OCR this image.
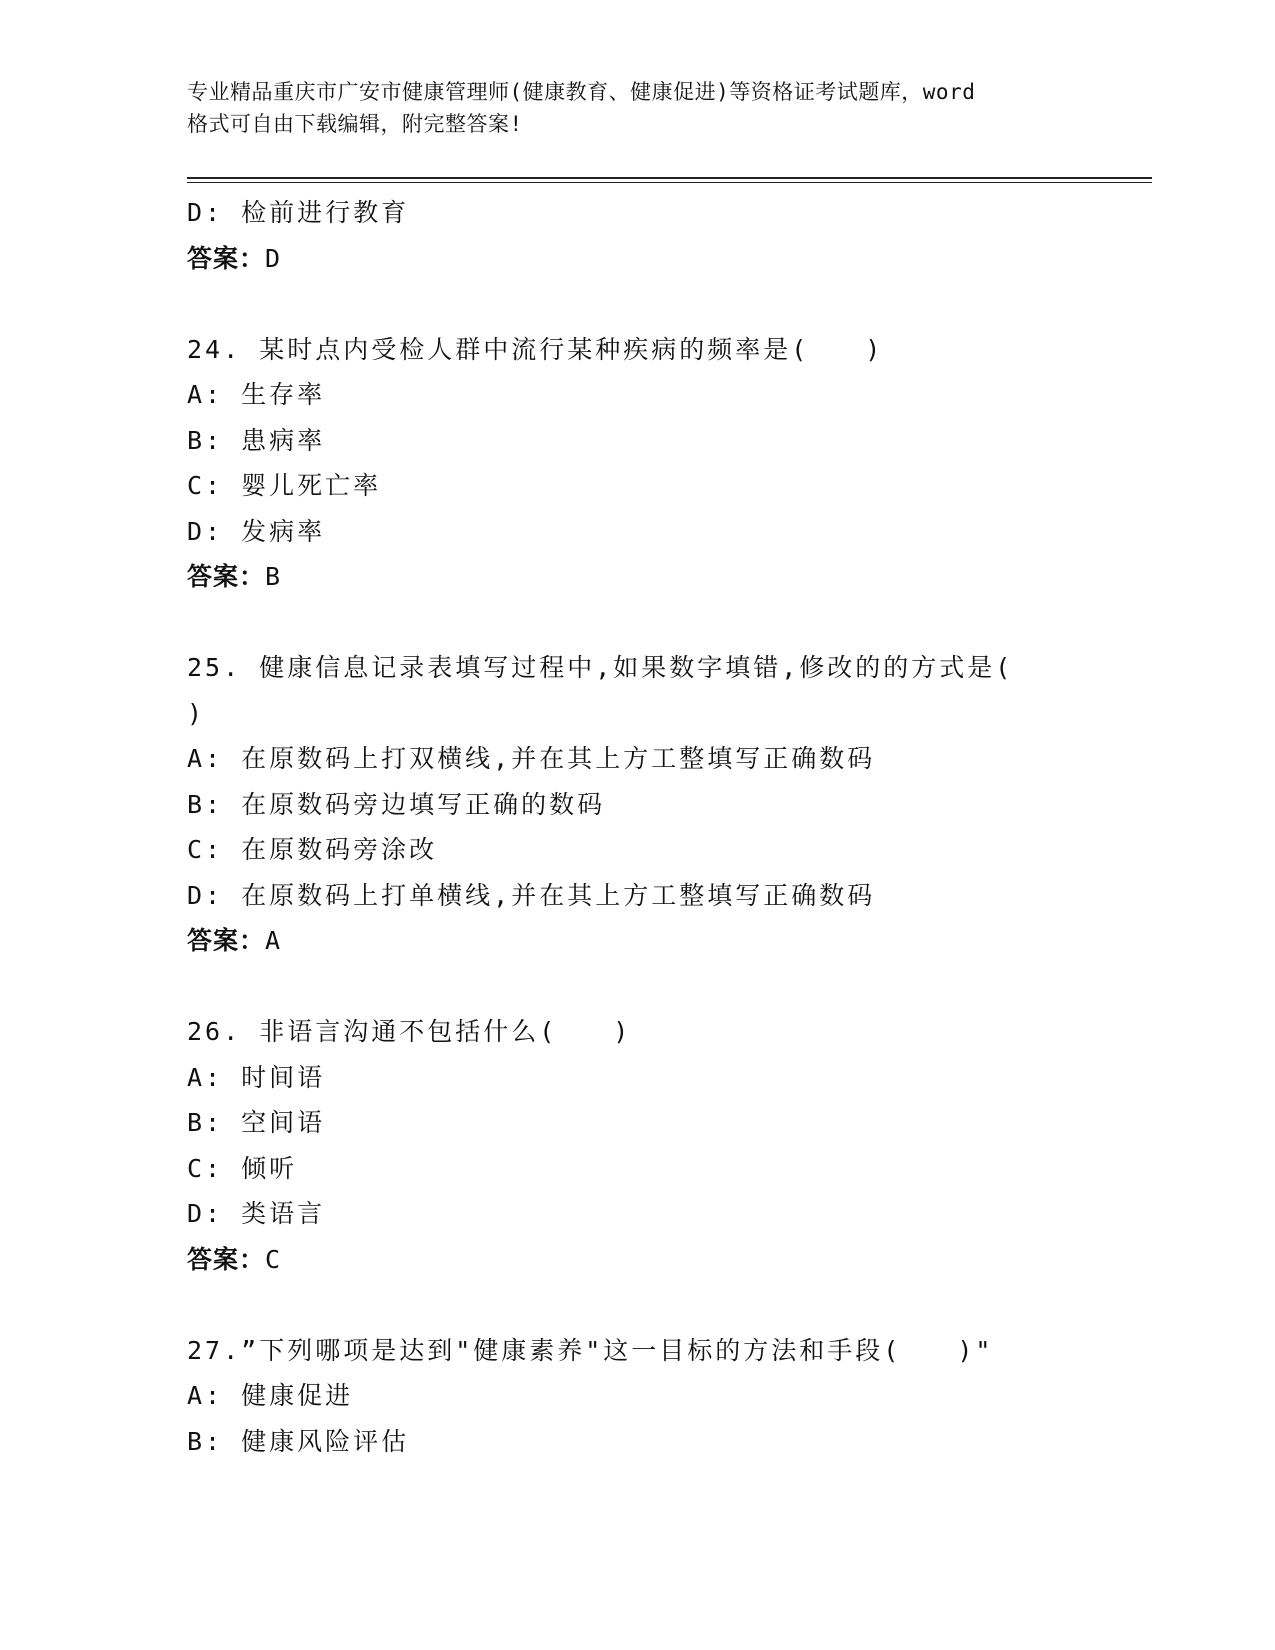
专业精品重庆市广安市健康管理师(健康教育、健康促进)等资格证考试题库，word
格式可自由下载编辑，附完整答案!
D: 检前进行教育
答案：D
24. 某时点内受检人群中流行某种疾病的频率是(　　)
A: 生存率
B: 患病率
C: 婴儿死亡率
D: 发病率
答案：B
25. 健康信息记录表填写过程中,如果数字填错,修改的的方式是(
)
A: 在原数码上打双横线,并在其上方工整填写正确数码
B: 在原数码旁边填写正确的数码
C: 在原数码旁涂改
D: 在原数码上打单横线,并在其上方工整填写正确数码
答案：A
26. 非语言沟通不包括什么(　　)
A: 时间语
B: 空间语
C: 倾听
D: 类语言
答案：C
27.”下列哪项是达到"健康素养"这一目标的方法和手段(　　)"
A: 健康促进
B: 健康风险评估
